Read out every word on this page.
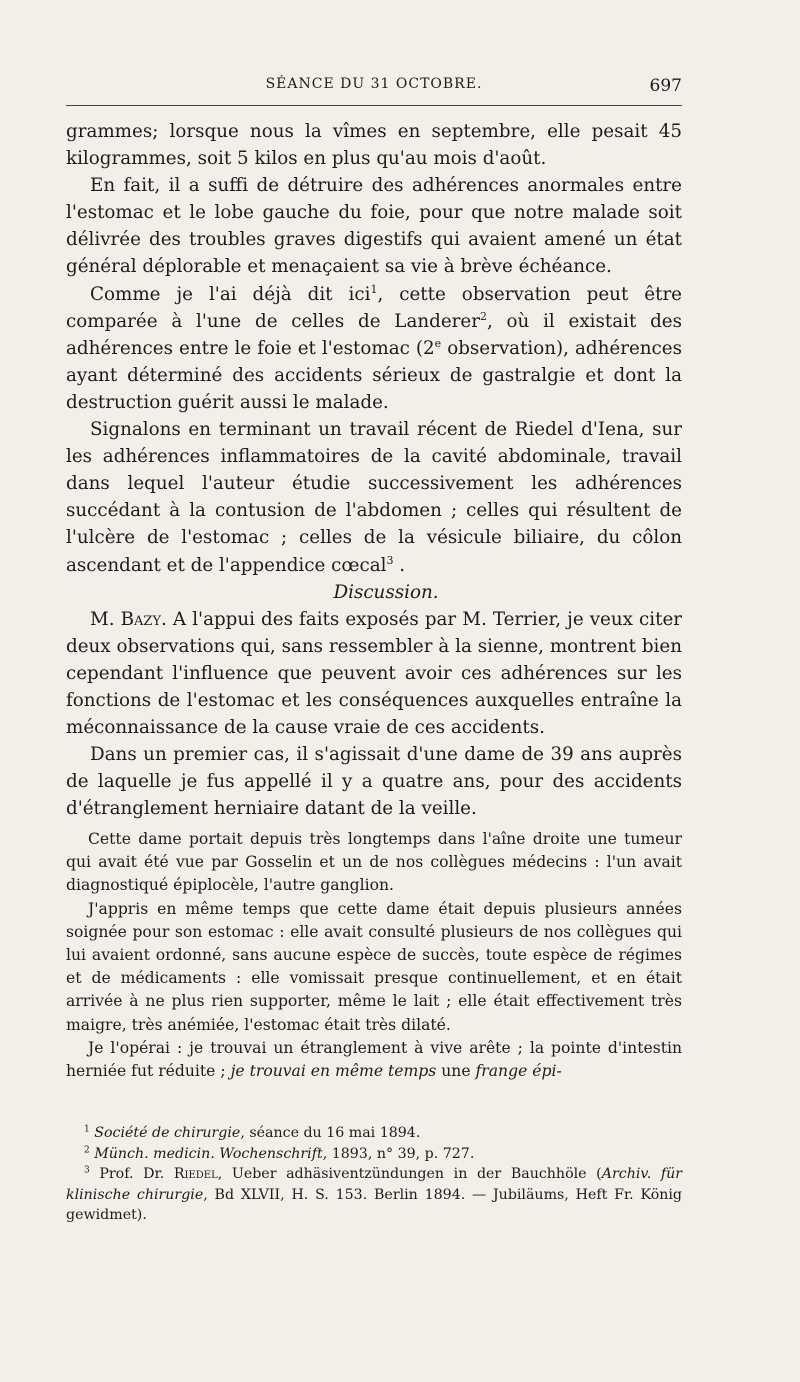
SÉANCE DU 31 OCTOBRE.	697

grammes; lorsque nous la vîmes en septembre, elle pesait 45 kilogrammes, soit 5 kilos en plus qu'au mois d'août.

En fait, il a suffi de détruire des adhérences anormales entre l'estomac et le lobe gauche du foie, pour que notre malade soit délivrée des troubles graves digestifs qui avaient amené un état général déplorable et menaçaient sa vie à brève échéance.

Comme je l'ai déjà dit ici$^1$, cette observation peut être comparée à l'une de celles de Landerer$^2$, où il existait des adhérences entre le foie et l'estomac (2e observation), adhérences ayant déterminé des accidents sérieux de gastralgie et dont la destruction guérit aussi le malade.

Signalons en terminant un travail récent de Riedel d'Iena, sur les adhérences inflammatoires de la cavité abdominale, travail dans lequel l'auteur étudie successivement les adhérences succédant à la contusion de l'abdomen ; celles qui résultent de l'ulcère de l'estomac ; celles de la vésicule biliaire, du côlon ascendant et de l'appendice cœcal$^3$ .

Discussion.

M. Bazy. A l'appui des faits exposés par M. Terrier, je veux citer deux observations qui, sans ressembler à la sienne, montrent bien cependant l'influence que peuvent avoir ces adhérences sur les fonctions de l'estomac et les conséquences auxquelles entraîne la méconnaissance de la cause vraie de ces accidents.

Dans un premier cas, il s'agissait d'une dame de 39 ans auprès de laquelle je fus appellé il y a quatre ans, pour des accidents d'étranglement herniaire datant de la veille.

Cette dame portait depuis très longtemps dans l'aîne droite une tumeur qui avait été vue par Gosselin et un de nos collègues médecins : l'un avait diagnostiqué épiplocèle, l'autre ganglion.

J'appris en même temps que cette dame était depuis plusieurs années soignée pour son estomac : elle avait consulté plusieurs de nos collègues qui lui avaient ordonné, sans aucune espèce de succès, toute espèce de régimes et de médicaments : elle vomissait presque continuellement, et en était arrivée à ne plus rien supporter, même le lait ; elle était effectivement très maigre, très anémiée, l'estomac était très dilaté.

Je l'opérai : je trouvai un étranglement à vive arête ; la pointe d'intestin herniée fut réduite ; je trouvai en même temps une frange épi-

$^1$ Société de chirurgie, séance du 16 mai 1894.

$^2$ Münch. medicin. Wochenschrift, 1893, n° 39, p. 727.

$^3$ Prof. Dr. Riedel, Ueber adhäsiventzündungen in der Bauchhöle (Archiv. für klinische chirurgie, Bd XLVII, H. S. 153. Berlin 1894. — Jubiläums, Heft Fr. König gewidmet).
